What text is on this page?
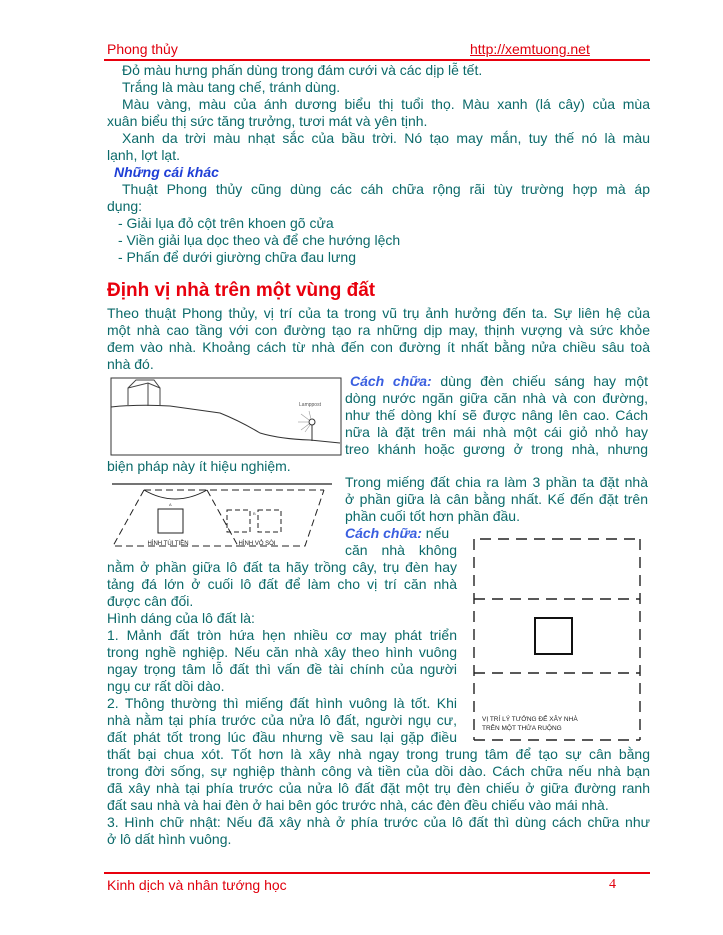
Phong thủy	http://xemtuong.net
Đỏ màu hưng phấn dùng trong đám cưới và các dịp lễ tết.
Trắng là màu tang chế, tránh dùng.
Màu vàng, màu của ánh dương biểu thị tuổi thọ. Màu xanh (lá cây) của mùa
xuân biểu thị sức tăng trưởng, tươi mát và yên tịnh.
Xanh da trời màu nhạt sắc của bầu trời. Nó tạo may mắn, tuy thế nó là màu
lạnh, lợt lạt.
Những cái khác
Thuật Phong thủy cũng dùng các cáh chữa rộng rãi tùy trường hợp mà áp
dụng:
- Giải lụa đỏ cột trên khoen gõ cửa
- Viền giải lụa dọc theo và để che hướng lệch
- Phấn để dưới giường chữa đau lưng
Định vị nhà trên một vùng đất
Theo thuật Phong thủy, vị trí của ta trong vũ trụ ảnh hưởng đến ta. Sự liên hệ của
một nhà cao tầng với con đường tạo ra những dịp may, thịnh vượng và sức khỏe
đem vào nhà. Khoảng cách từ nhà đến con đường ít nhất bằng nửa chiều sâu toà
nhà đó.
Lamppost
Cách chữa: dùng đèn chiếu sáng hay một
dòng nước ngăn giữa căn nhà và con đường,
như thế dòng khí sẽ được nâng lên cao. Cách
nữa là đặt trên mái nhà một cái giỏ nhỏ hay
treo khánh hoặc gương ở trong nhà, nhưng
biện pháp này ít hiệu nghiệm.
A
B
HÌNH TÚI TIỀN	HÌNH VỎ SÒI
Trong miếng đất chia ra làm 3 phần ta đặt nhà
ở phần giữa là cân bằng nhất. Kế đến đặt trên
phần cuối tốt hơn phần đầu.
Cách chữa: nếu
căn nhà không
nằm ở phần giữa lô đất ta hãy trồng cây, trụ đèn hay
tảng đá lớn ở cuối lô đất để làm cho vị trí căn nhà
được cân đối.
Hình dáng của lô đất là:
1. Mảnh đất tròn hứa hẹn nhiều cơ may phát triển
trong nghề nghiệp. Nếu căn nhà xây theo hình vuông
ngay trọng tâm lỗ đất thì vấn đề tài chính của người
ngụ cư rất dồi dào.
2. Thông thường thì miếng đất hình vuông là tốt. Khi
nhà nằm tại phía trước của nửa lô đất, người ngụ cư,
đất phát tốt trong lúc đầu nhưng về sau lại gặp điều
thất bại chua xót. Tốt hơn là xây nhà ngay trong trung tâm để tạo sự cân bằng
trong đời sống, sự nghiệp thành công và tiền của dồi dào. Cách chữa nếu nhà bạn
đã xây nhà tại phía trước của nửa lô đất đặt một trụ đèn chiếu ở giữa đường ranh
đất sau nhà và hai đèn ở hai bên góc trước nhà, các đèn đều chiếu vào mái nhà.
3. Hình chữ nhật: Nếu đã xây nhà ở phía trước của lô đất thì dùng cách chữa như
ở lô dất hình vuông.
VỊ TRÍ LÝ TƯỞNG ĐỂ XÂY NHÀ
TRÊN MỘT THỬA RUỘNG
Kinh dịch và nhân tướng học	4
